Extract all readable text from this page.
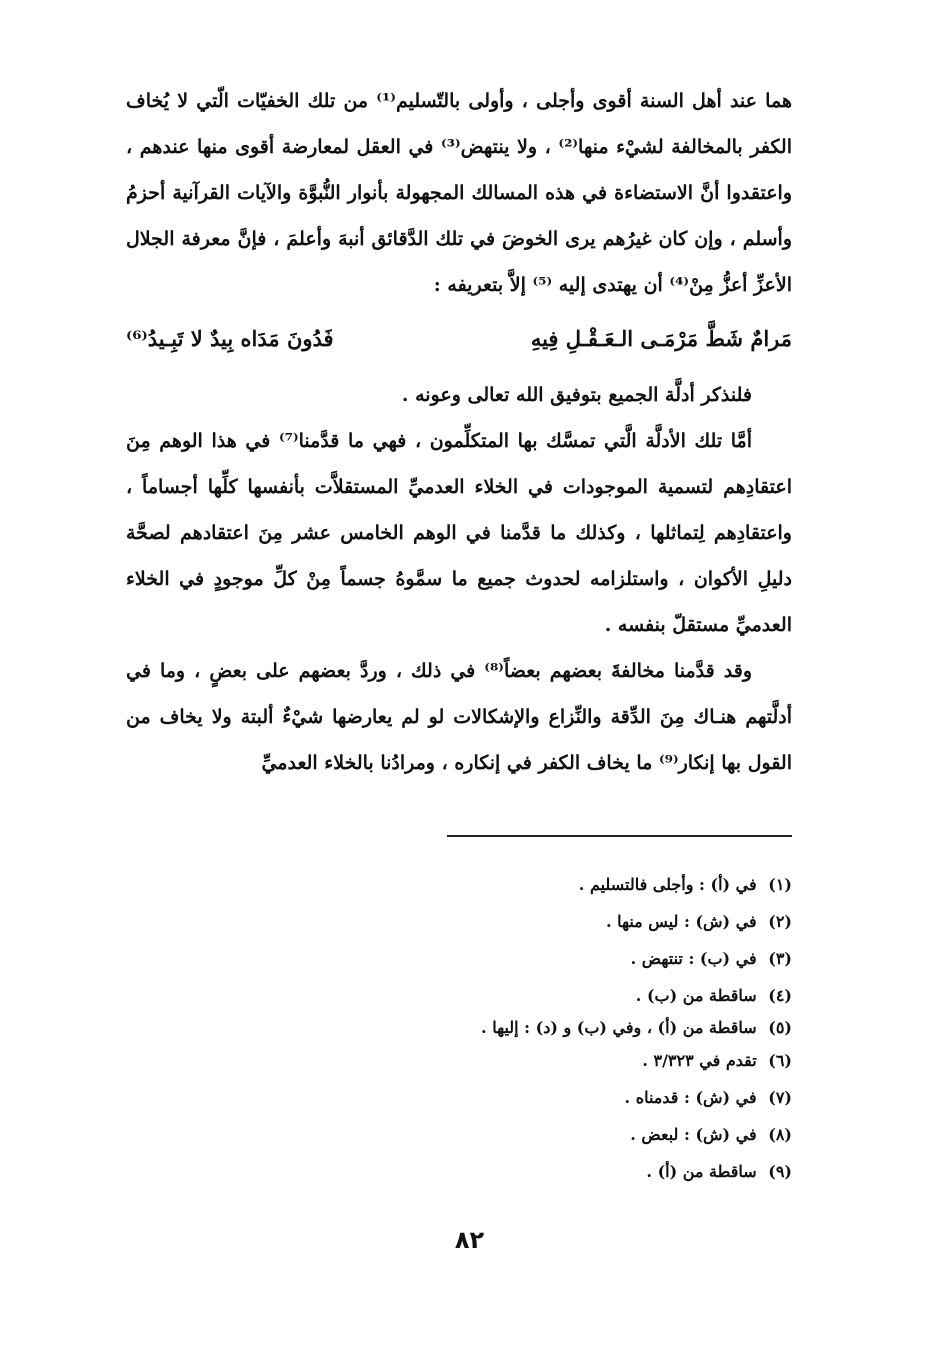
هما عند أهل السنة أقوى وأجلى ، وأولى بالتّسليم⁽¹⁾ من تلك الخفيّات الّتي لا يُخاف الكفر بالمخالفة لشيْء منها⁽²⁾ ، ولا ينتهض⁽³⁾ في العقل لمعارضة أقوى منها عندهم ، واعتقدوا أنَّ الاستضاءة في هذه المسالك المجهولة بأنوار النُّبوَّة والآيات القرآنية أحزمُ وأسلم ، وإن كان غيرُهم يرى الخوضَ في تلك الدَّقائق أنبهَ وأعلمَ ، فإنَّ معرفة الجلال الأعزِّ أعزُّ مِنْ⁽⁴⁾ أن يهتدى إليه ⁽⁵⁾ إلاَّ بتعريفه :

مَرامٌ شَطَّ مَرْمَـى الـعَـقْـلِ فِيهِ
فَدُونَ مَدَاه بِيدٌ لا تَبِـيدُ⁽⁶⁾

فلنذكر أدلَّة الجميع بتوفيق الله تعالى وعونه .

أمَّا تلك الأدلَّة الَّتي تمسَّك بها المتكلِّمون ، فهي ما قدَّمنا⁽⁷⁾ في هذا الوهم مِنَ اعتقادِهم لتسمية الموجودات في الخلاء العدميِّ المستقلاَّت بأنفسها كلِّها أجساماً ، واعتقادِهم لِتماثلها ، وكذلك ما قدَّمنا في الوهم الخامس عشر مِنَ اعتقادهم لصحَّة دليلِ الأكوان ، واستلزامه لحدوث جميع ما سمَّوهُ جسماً مِنْ كلِّ موجودٍ في الخلاء العدميِّ مستقلّ بنفسه .

وقد قدَّمنا مخالفةَ بعضهم بعضاً⁽⁸⁾ في ذلك ، وردَّ بعضهم على بعضٍ ، وما في أدلَّتهم هنـاك مِنَ الدِّقة والنِّزاع والإشكالات لو لم يعارضها شيْءٌ ألبتة ولا يخاف من القول بها إنكار⁽⁹⁾ ما يخاف الكفر في إنكاره ، ومرادُنا بالخلاء العدميِّ

(١) في (أ) : وأجلى فالتسليم .
(٢) في (ش) : ليس منها .
(٣) في (ب) : تنتهض .
(٤) ساقطة من (ب) .
(٥) ساقطة من (أ) ، وفي (ب) و (د) : إليها .
(٦) تقدم في ٣/٣٢٣ .
(٧) في (ش) : قدمناه .
(٨) في (ش) : لبعض .
(٩) ساقطة من (أ) .
٨٢
